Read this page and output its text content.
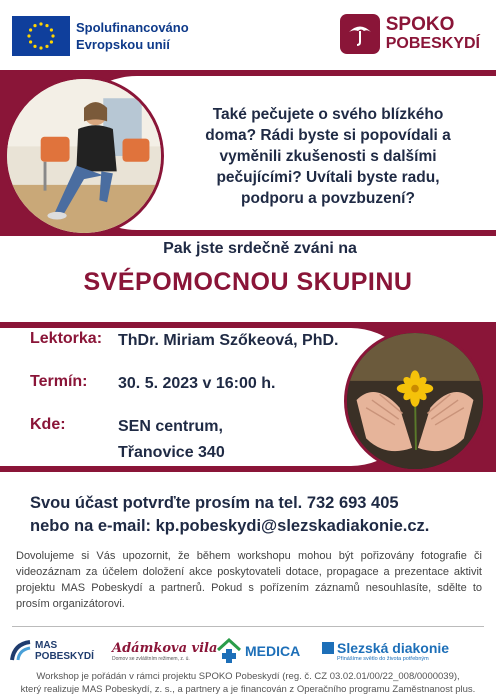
Spolufinancováno
Evropskou unií
SPOKO
POBESKYDÍ
Také pečujete o svého blízkého
doma? Rádi byste si popovídali a
vyměnili zkušenosti s dalšími
pečujícími? Uvítali byste radu,
podporu a povzbuzení?
Pak jste srdečně zváni na
SVÉPOMOCNOU SKUPINU
Lektorka: ThDr. Miriam Szőkeová, PhD.
Termín: 30. 5. 2023 v 16:00 h.
Kde:	SEN centrum,
Třanovice 340
Svou účast potvrďte prosím na tel. 732 693 405
nebo na e-mail: kp.pobeskydi@slezskadiakonie.cz.
Dovolujeme si Vás upozornit, že během workshopu mohou být pořizovány fotografie či videozáznam za účelem doložení akce poskytovateli dotace, propagace a prezentace aktivit projektu MAS Pobeskydí a partnerů. Pokud s pořízením záznamů nesouhlasíte, sdělte to prosím organizátorovi.
MAS
POBESKYDÍ
Adámkova vila
Domov se zvláštním režimem, z. ú.	MEDICA	Slezská diakonie
Přinášíme světlo do života potřebným
Workshop je pořádán v rámci projektu SPOKO Pobeskydí (reg. č. CZ 03.02.01/00/22_008/0000039),
který realizuje MAS Pobeskydí, z. s., a partnery a je financován z Operačního programu Zaměstnanost plus.
